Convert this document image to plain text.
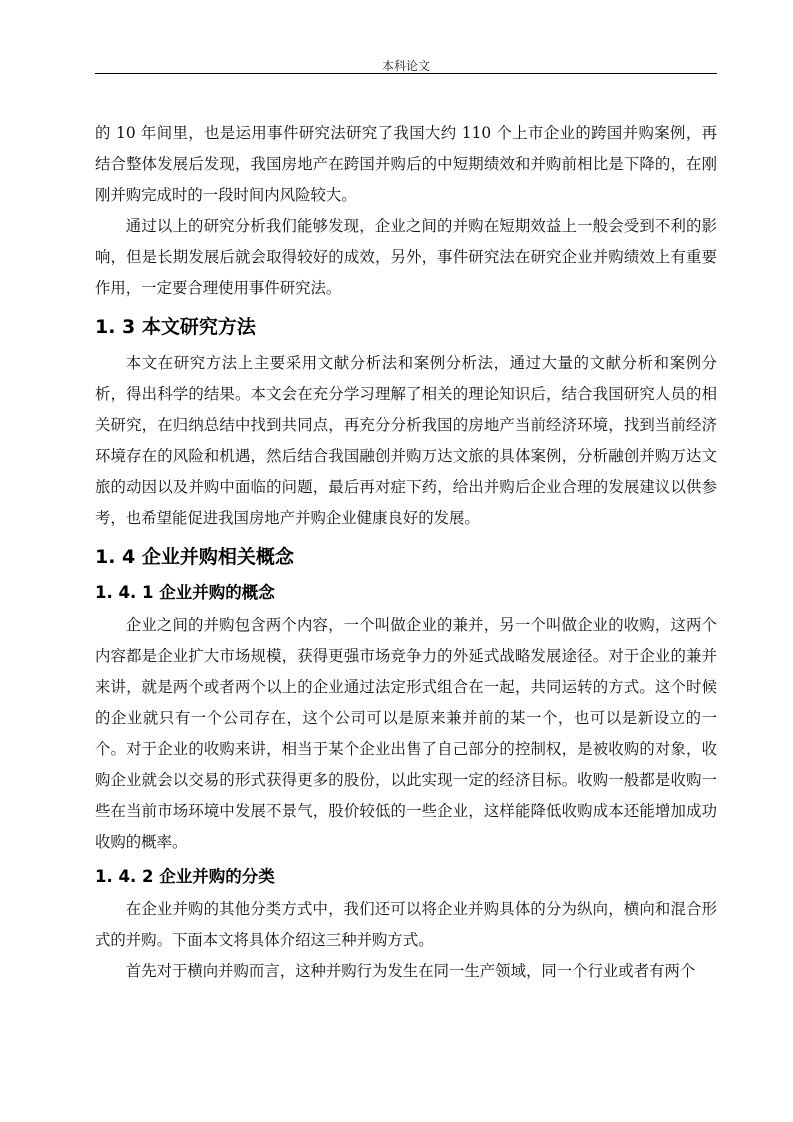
本科论文

的 10 年间里，也是运用事件研究法研究了我国大约 110 个上市企业的跨国并购案例，再结合整体发展后发现，我国房地产在跨国并购后的中短期绩效和并购前相比是下降的，在刚刚并购完成时的一段时间内风险较大。

通过以上的研究分析我们能够发现，企业之间的并购在短期效益上一般会受到不利的影响，但是长期发展后就会取得较好的成效，另外，事件研究法在研究企业并购绩效上有重要作用，一定要合理使用事件研究法。

1. 3 本文研究方法

本文在研究方法上主要采用文献分析法和案例分析法，通过大量的文献分析和案例分析，得出科学的结果。本文会在充分学习理解了相关的理论知识后，结合我国研究人员的相关研究，在归纳总结中找到共同点，再充分分析我国的房地产当前经济环境，找到当前经济环境存在的风险和机遇，然后结合我国融创并购万达文旅的具体案例，分析融创并购万达文旅的动因以及并购中面临的问题，最后再对症下药，给出并购后企业合理的发展建议以供参考，也希望能促进我国房地产并购企业健康良好的发展。

1. 4 企业并购相关概念
1. 4. 1 企业并购的概念

企业之间的并购包含两个内容，一个叫做企业的兼并，另一个叫做企业的收购，这两个内容都是企业扩大市场规模，获得更强市场竞争力的外延式战略发展途径。对于企业的兼并来讲，就是两个或者两个以上的企业通过法定形式组合在一起，共同运转的方式。这个时候的企业就只有一个公司存在，这个公司可以是原来兼并前的某一个，也可以是新设立的一个。对于企业的收购来讲，相当于某个企业出售了自己部分的控制权，是被收购的对象，收购企业就会以交易的形式获得更多的股份，以此实现一定的经济目标。收购一般都是收购一些在当前市场环境中发展不景气，股价较低的一些企业，这样能降低收购成本还能增加成功收购的概率。

1. 4. 2 企业并购的分类

在企业并购的其他分类方式中，我们还可以将企业并购具体的分为纵向，横向和混合形式的并购。下面本文将具体介绍这三种并购方式。

首先对于横向并购而言，这种并购行为发生在同一生产领域，同一个行业或者有两个
